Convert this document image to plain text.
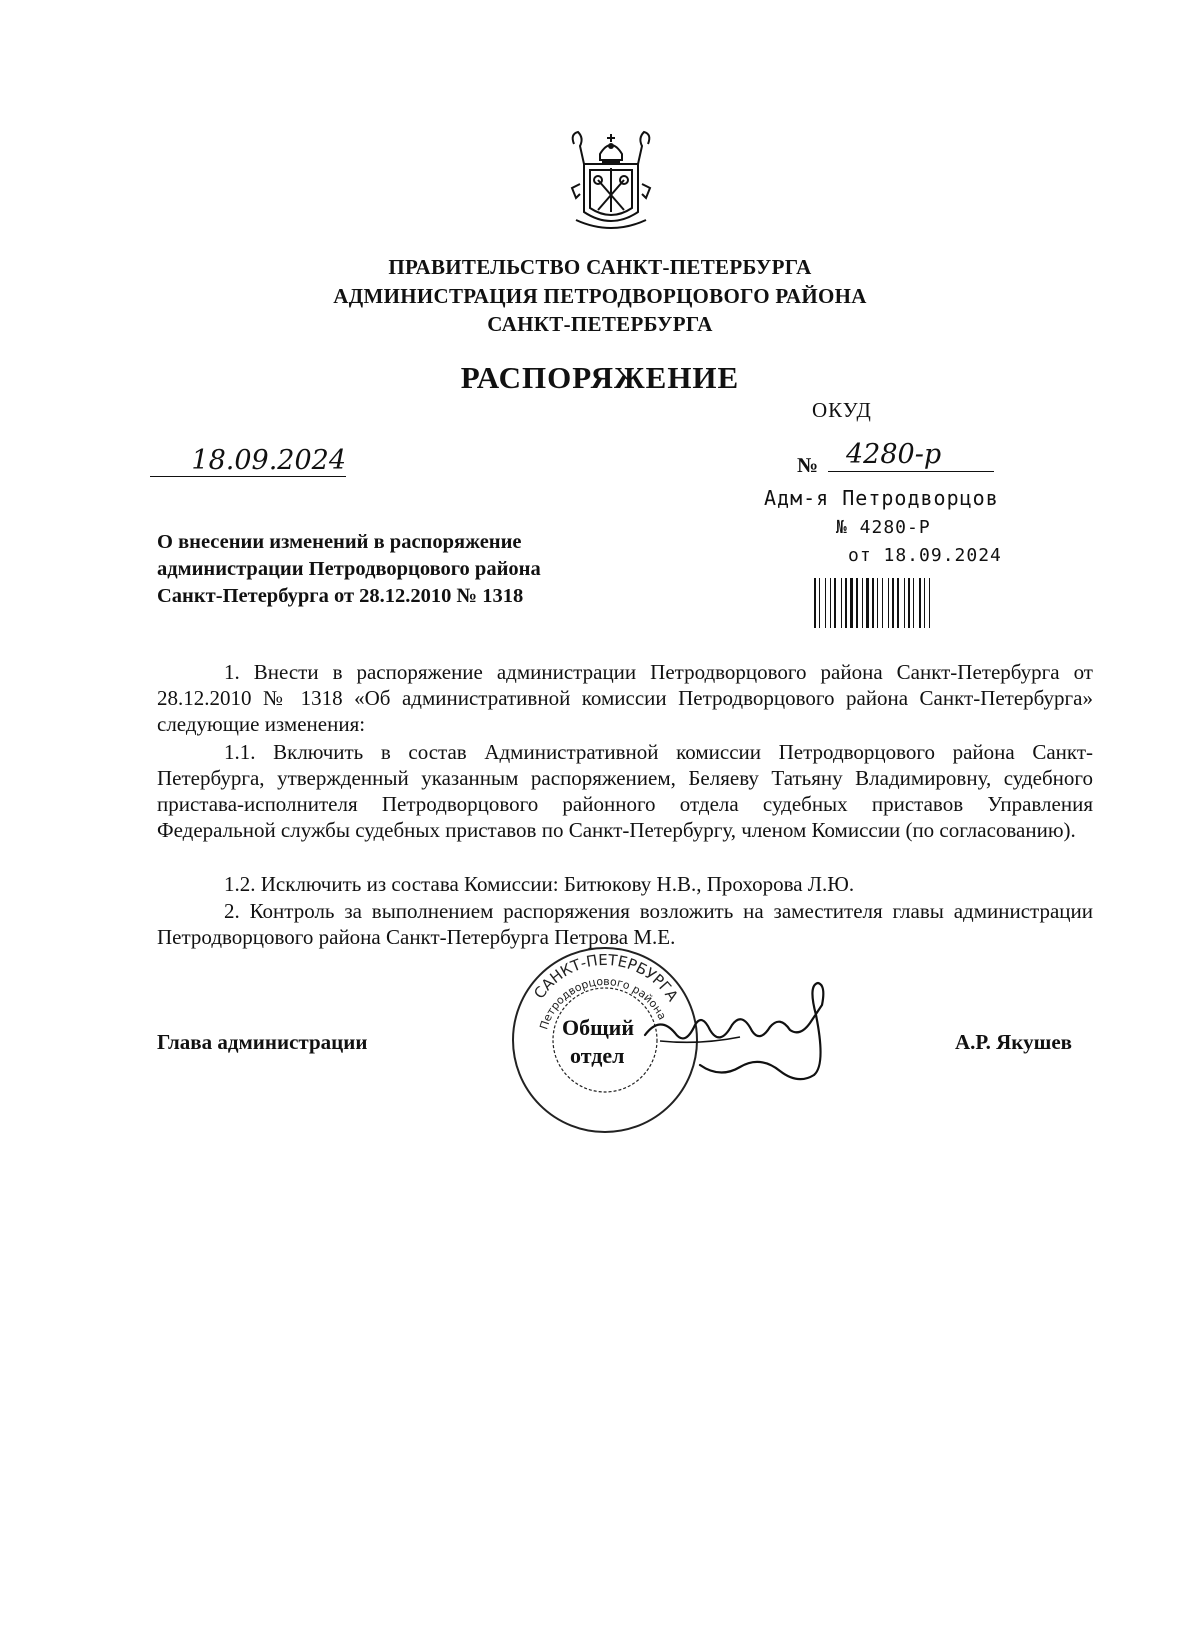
ПРАВИТЕЛЬСТВО САНКТ-ПЕТЕРБУРГА
АДМИНИСТРАЦИЯ ПЕТРОДВОРЦОВОГО РАЙОНА
САНКТ-ПЕТЕРБУРГА
РАСПОРЯЖЕНИЕ
ОКУД
18.09.2024	№	4280-р
Адм-я Петродворцов
№ 4280-Р
от 18.09.2024
О внесении изменений в распоряжение
администрации Петродворцового района
Санкт-Петербурга от 28.12.2010 № 1318
1. Внести в распоряжение администрации Петродворцового района Санкт-Петербурга от 28.12.2010 № 1318 «Об административной комиссии Петродворцового района Санкт-Петербурга» следующие изменения:
1.1. Включить в состав Административной комиссии Петродворцового района Санкт-Петербурга, утвержденный указанным распоряжением, Беляеву Татьяну Владимировну, судебного пристава-исполнителя Петродворцового районного отдела судебных приставов Управления Федеральной службы судебных приставов по Санкт-Петербургу, членом Комиссии (по согласованию).
1.2. Исключить из состава Комиссии: Битюкову Н.В., Прохорова Л.Ю.
2. Контроль за выполнением распоряжения возложить на заместителя главы администрации Петродворцового района Санкт-Петербурга Петрова М.Е.
Глава администрации	А.Р. Якушев
САНКТ-ПЕТЕРБУРГА
Петродворцового района
Общий
отдел
